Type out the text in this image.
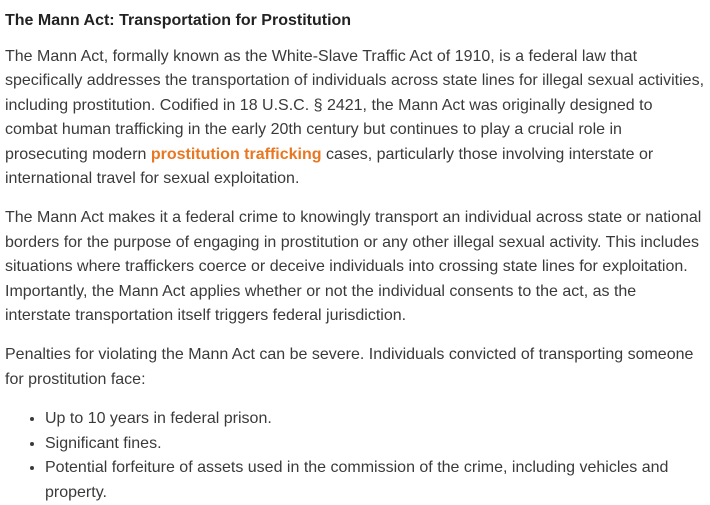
The Mann Act: Transportation for Prostitution

The Mann Act, formally known as the White-Slave Traffic Act of 1910, is a federal law that specifically addresses the transportation of individuals across state lines for illegal sexual activities, including prostitution. Codified in 18 U.S.C. § 2421, the Mann Act was originally designed to combat human trafficking in the early 20th century but continues to play a crucial role in prosecuting modern prostitution trafficking cases, particularly those involving interstate or international travel for sexual exploitation.

The Mann Act makes it a federal crime to knowingly transport an individual across state or national borders for the purpose of engaging in prostitution or any other illegal sexual activity. This includes situations where traffickers coerce or deceive individuals into crossing state lines for exploitation. Importantly, the Mann Act applies whether or not the individual consents to the act, as the interstate transportation itself triggers federal jurisdiction.

Penalties for violating the Mann Act can be severe. Individuals convicted of transporting someone for prostitution face:

• Up to 10 years in federal prison.
• Significant fines.
• Potential forfeiture of assets used in the commission of the crime, including vehicles and property.
